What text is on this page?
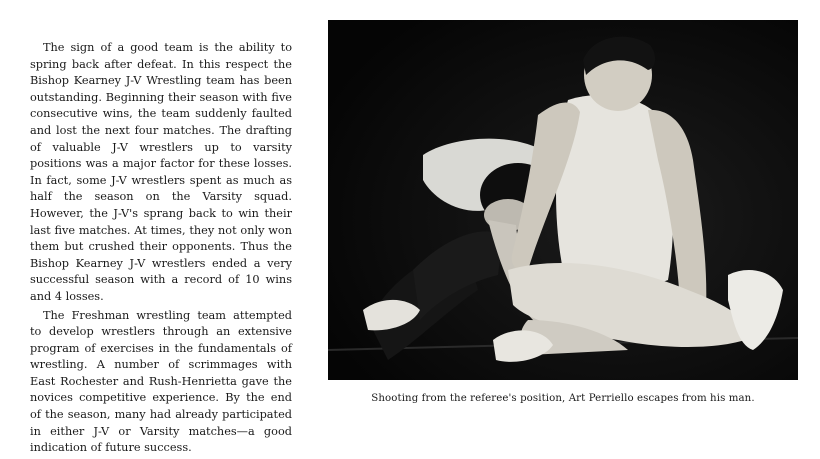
The sign of a good team is the ability to spring back after defeat. In this respect the Bishop Kearney J-V Wrestling team has been outstanding. Beginning their season with five consecutive wins, the team suddenly faulted and lost the next four matches. The drafting of valuable J-V wrestlers up to varsity positions was a major factor for these losses. In fact, some J-V wrestlers spent as much as half the season on the Varsity squad. However, the J-V's sprang back to win their last five matches. At times, they not only won them but crushed their opponents. Thus the Bishop Kearney J-V wrestlers ended a very successful season with a record of 10 wins and 4 losses.

The Freshman wrestling team attempted to develop wrestlers through an extensive program of exercises in the fundamentals of wrestling. A number of scrimmages with East Rochester and Rush-Henrietta gave the novices competitive experience. By the end of the season, many had already participated in either J-V or Varsity matches—a good indication of future success.

Shooting from the referee's position, Art Perriello escapes from his man.
